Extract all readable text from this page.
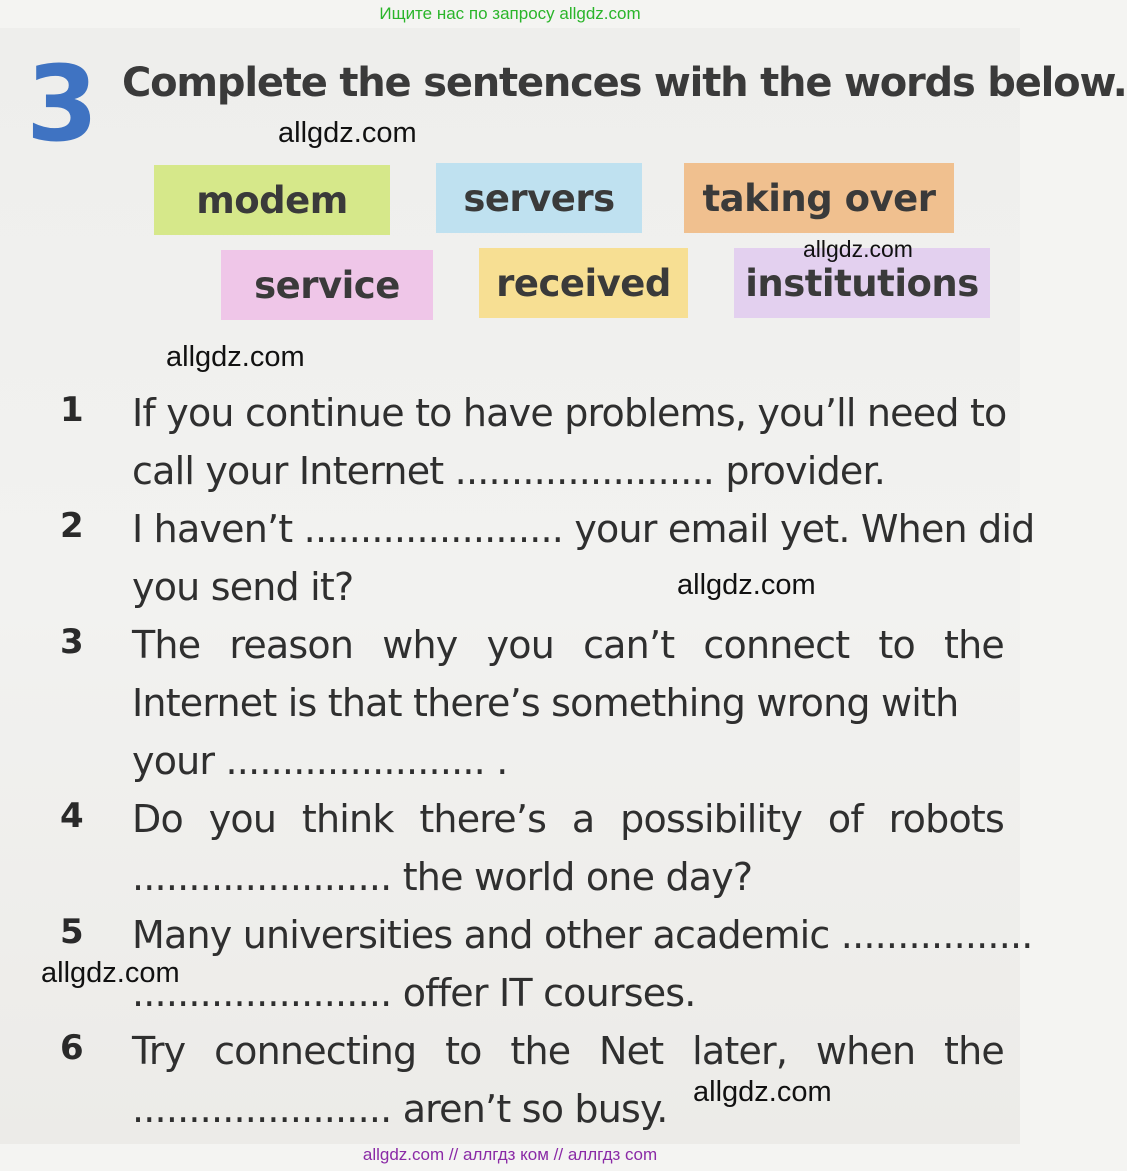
Ищите нас по запросу allgdz.com
3 Complete the sentences with the words below.
modem	servers	taking over
service	received	institutions
1	If you continue to have problems, you’ll need to
call your Internet ....................... provider.
2	I haven’t ....................... your email yet. When did
you send it?
3	The reason why you can’t connect to the
Internet is that there’s something wrong with
your ....................... .
4	Do you think there’s a possibility of robots
....................... the world one day?
5	Many universities and other academic .................
....................... offer IT courses.
6	Try connecting to the Net later, when the
....................... aren’t so busy.
allgdz.com
allgdz.com
allgdz.com
allgdz.com
allgdz.com
allgdz.com
allgdz.com // аллгдз ком // аллгдз com
